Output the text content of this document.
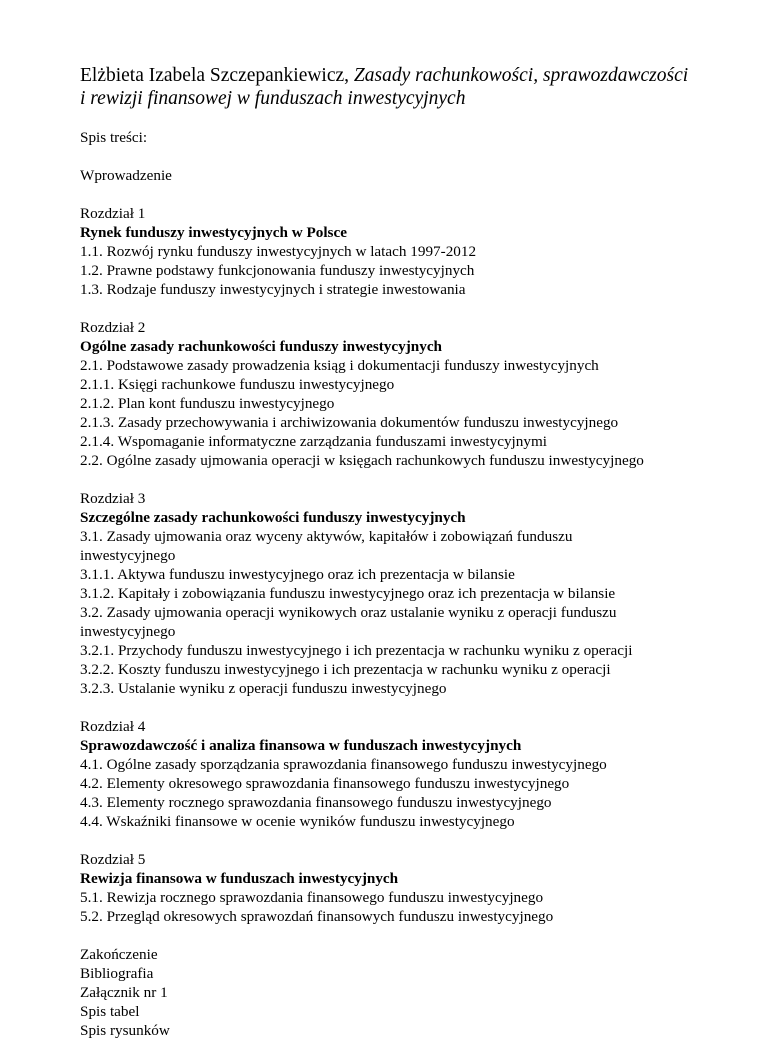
Elżbieta Izabela Szczepankiewicz, Zasady rachunkowości, sprawozdawczości
i rewizji finansowej w funduszach inwestycyjnych
Spis treści:
Wprowadzenie
Rozdział 1
Rynek funduszy inwestycyjnych w Polsce
1.1. Rozwój rynku funduszy inwestycyjnych w latach 1997-2012
1.2. Prawne podstawy funkcjonowania funduszy inwestycyjnych
1.3. Rodzaje funduszy inwestycyjnych i strategie inwestowania
Rozdział 2
Ogólne zasady rachunkowości funduszy inwestycyjnych
2.1. Podstawowe zasady prowadzenia ksiąg i dokumentacji funduszy inwestycyjnych
2.1.1. Księgi rachunkowe funduszu inwestycyjnego
2.1.2. Plan kont funduszu inwestycyjnego
2.1.3. Zasady przechowywania i archiwizowania dokumentów funduszu inwestycyjnego
2.1.4. Wspomaganie informatyczne zarządzania funduszami inwestycyjnymi
2.2. Ogólne zasady ujmowania operacji w księgach rachunkowych funduszu inwestycyjnego
Rozdział 3
Szczególne zasady rachunkowości funduszy inwestycyjnych
3.1. Zasady ujmowania oraz wyceny aktywów, kapitałów i zobowiązań funduszu
inwestycyjnego
3.1.1. Aktywa funduszu inwestycyjnego oraz ich prezentacja w bilansie
3.1.2. Kapitały i zobowiązania funduszu inwestycyjnego oraz ich prezentacja w bilansie
3.2. Zasady ujmowania operacji wynikowych oraz ustalanie wyniku z operacji funduszu
inwestycyjnego
3.2.1. Przychody funduszu inwestycyjnego i ich prezentacja w rachunku wyniku z operacji
3.2.2. Koszty funduszu inwestycyjnego i ich prezentacja w rachunku wyniku z operacji
3.2.3. Ustalanie wyniku z operacji funduszu inwestycyjnego
Rozdział 4
Sprawozdawczość i analiza finansowa w funduszach inwestycyjnych
4.1. Ogólne zasady sporządzania sprawozdania finansowego funduszu inwestycyjnego
4.2. Elementy okresowego sprawozdania finansowego funduszu inwestycyjnego
4.3. Elementy rocznego sprawozdania finansowego funduszu inwestycyjnego
4.4. Wskaźniki finansowe w ocenie wyników funduszu inwestycyjnego
Rozdział 5
Rewizja finansowa w funduszach inwestycyjnych
5.1. Rewizja rocznego sprawozdania finansowego funduszu inwestycyjnego
5.2. Przegląd okresowych sprawozdań finansowych funduszu inwestycyjnego
Zakończenie
Bibliografia
Załącznik nr 1
Spis tabel
Spis rysunków
